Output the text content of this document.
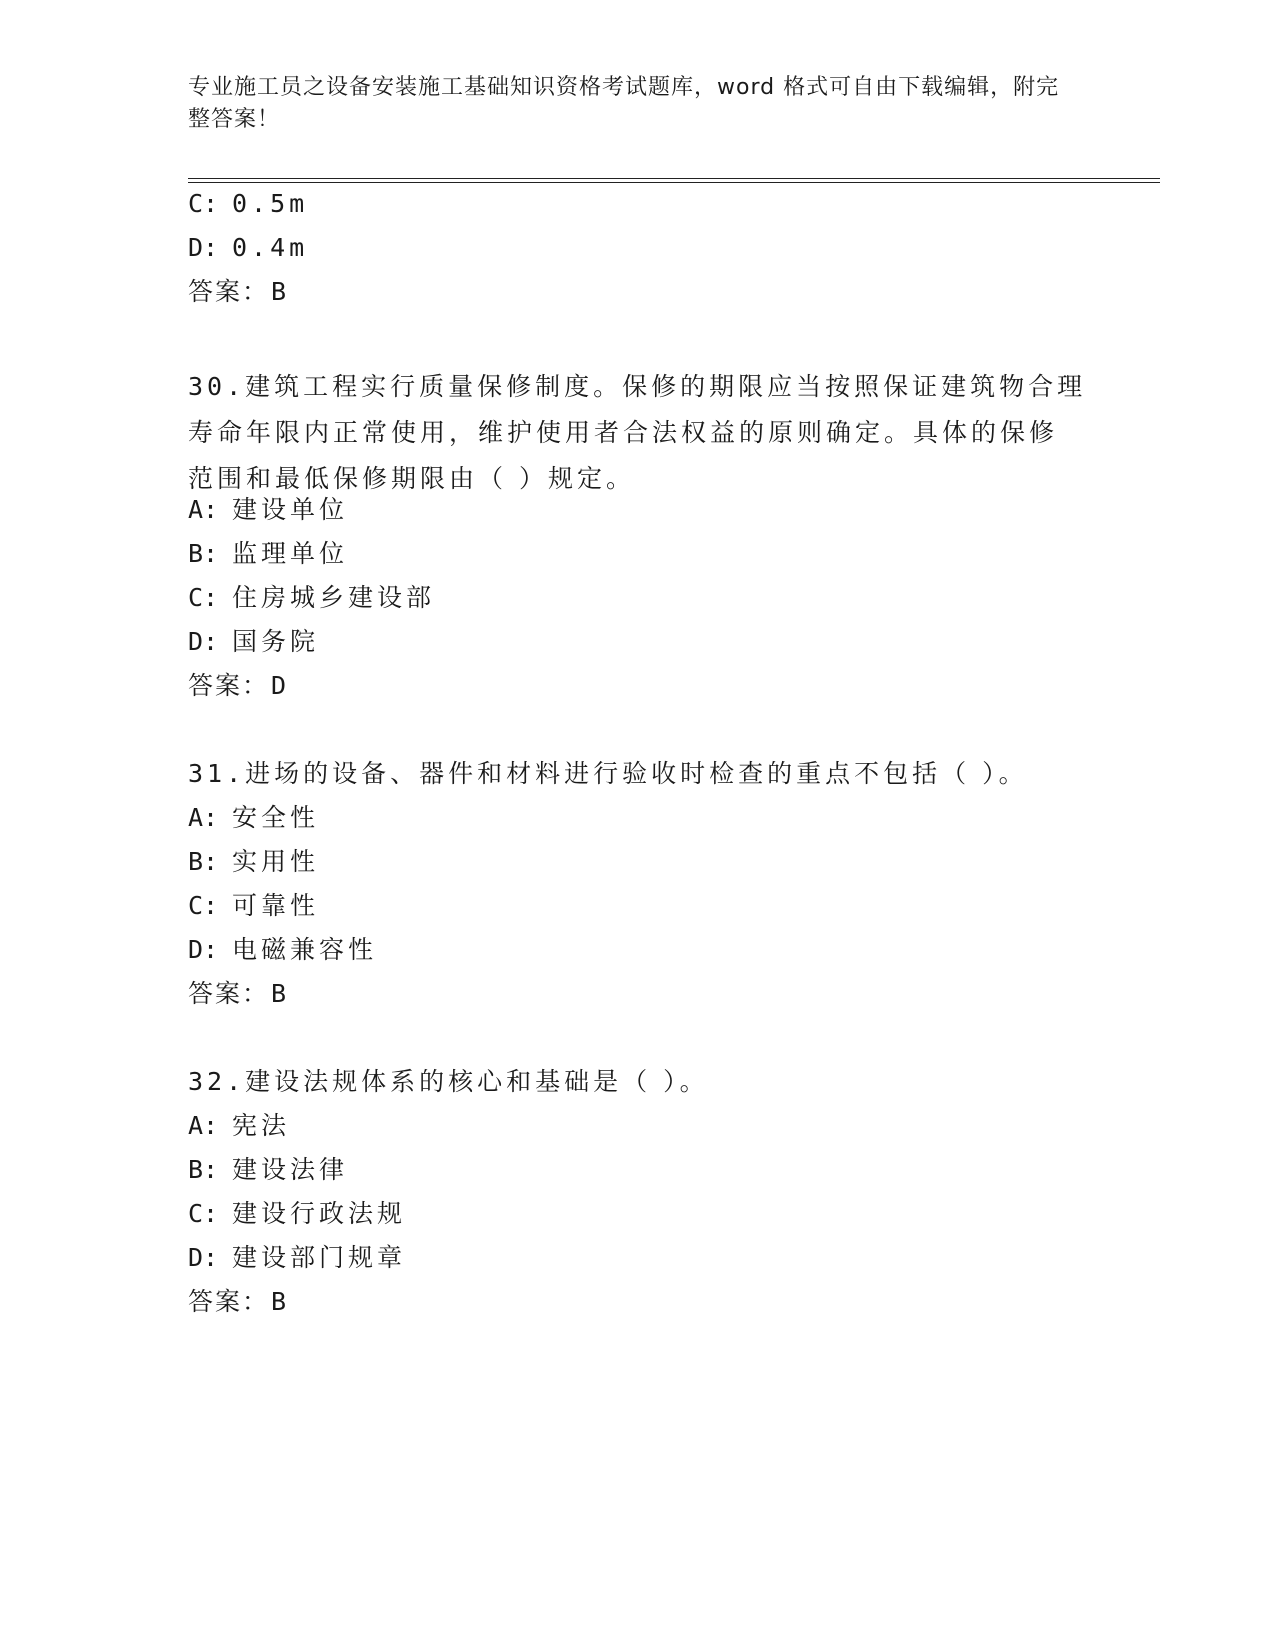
专业施工员之设备安装施工基础知识资格考试题库，word 格式可自由下载编辑，附完整答案！
C: 0.5m
D: 0.4m
答案：B
30.建筑工程实行质量保修制度。保修的期限应当按照保证建筑物合理
寿命年限内正常使用，维护使用者合法权益的原则确定。具体的保修
范围和最低保修期限由（ ）规定。
A: 建设单位
B: 监理单位
C: 住房城乡建设部
D: 国务院
答案：D
31.进场的设备、器件和材料进行验收时检查的重点不包括（ ）。
A: 安全性
B: 实用性
C: 可靠性
D: 电磁兼容性
答案：B
32.建设法规体系的核心和基础是（ ）。
A: 宪法
B: 建设法律
C: 建设行政法规
D: 建设部门规章
答案：B
